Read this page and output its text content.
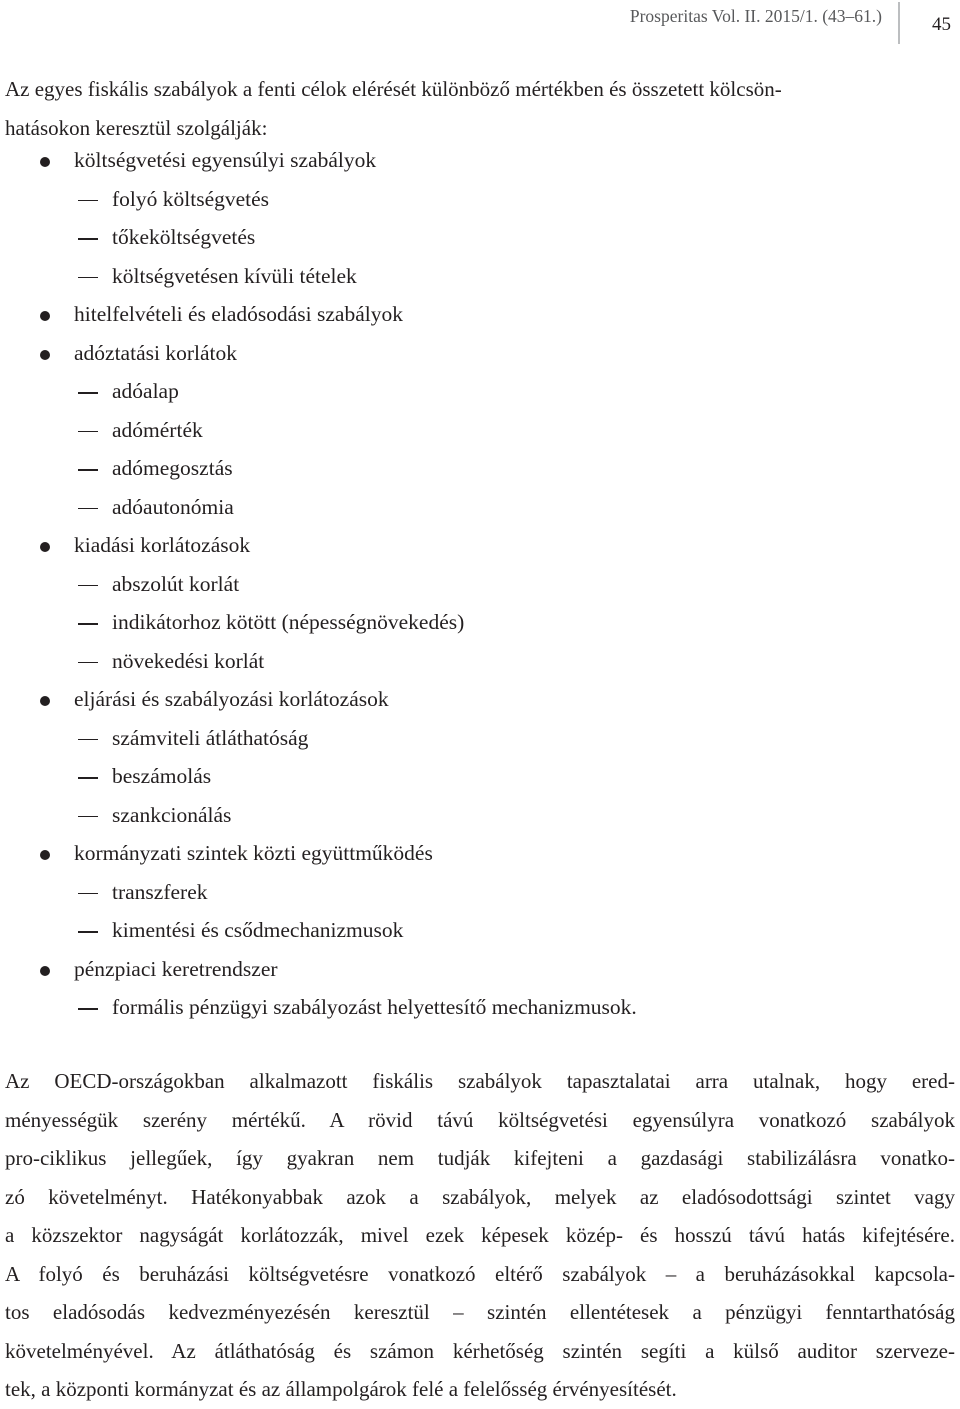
Prosperitas Vol. II. 2015/1. (43–61.)	45

Az egyes fiskális szabályok a fenti célok elérését különböző mértékben és összetett kölcsön-
hatásokon keresztül szolgálják:

költségvetési egyensúlyi szabályok
folyó költségvetés
tőkeköltségvetés
költségvetésen kívüli tételek
hitelfelvételi és eladósodási szabályok
adóztatási korlátok
adóalap
adómérték
adómegosztás
adóautonómia
kiadási korlátozások
abszolút korlát
indikátorhoz kötött (népességnövekedés)
növekedési korlát
eljárási és szabályozási korlátozások
számviteli átláthatóság
beszámolás
szankcionálás
kormányzati szintek közti együttműködés
transzferek
kimentési és csődmechanizmusok
pénzpiaci keretrendszer
formális pénzügyi szabályozást helyettesítő mechanizmusok.
Az OECD-országokban alkalmazott fiskális szabályok tapasztalatai arra utalnak, hogy ered-
ményességük szerény mértékű. A rövid távú költségvetési egyensúlyra vonatkozó szabályok
pro-ciklikus jellegűek, így gyakran nem tudják kifejteni a gazdasági stabilizálásra vonatko-
zó követelményt. Hatékonyabbak azok a szabályok, melyek az eladósodottsági szintet vagy
a közszektor nagyságát korlátozzák, mivel ezek képesek közép- és hosszú távú hatás kifejtésére.
A folyó és beruházási költségvetésre vonatkozó eltérő szabályok – a beruházásokkal kapcsola-
tos eladósodás kedvezményezésén keresztül – szintén ellentétesek a pénzügyi fenntarthatóság
követelményével. Az átláthatóság és számon kérhetőség szintén segíti a külső auditor szerveze-
tek, a központi kormányzat és az állampolgárok felé a felelősség érvényesítését.
